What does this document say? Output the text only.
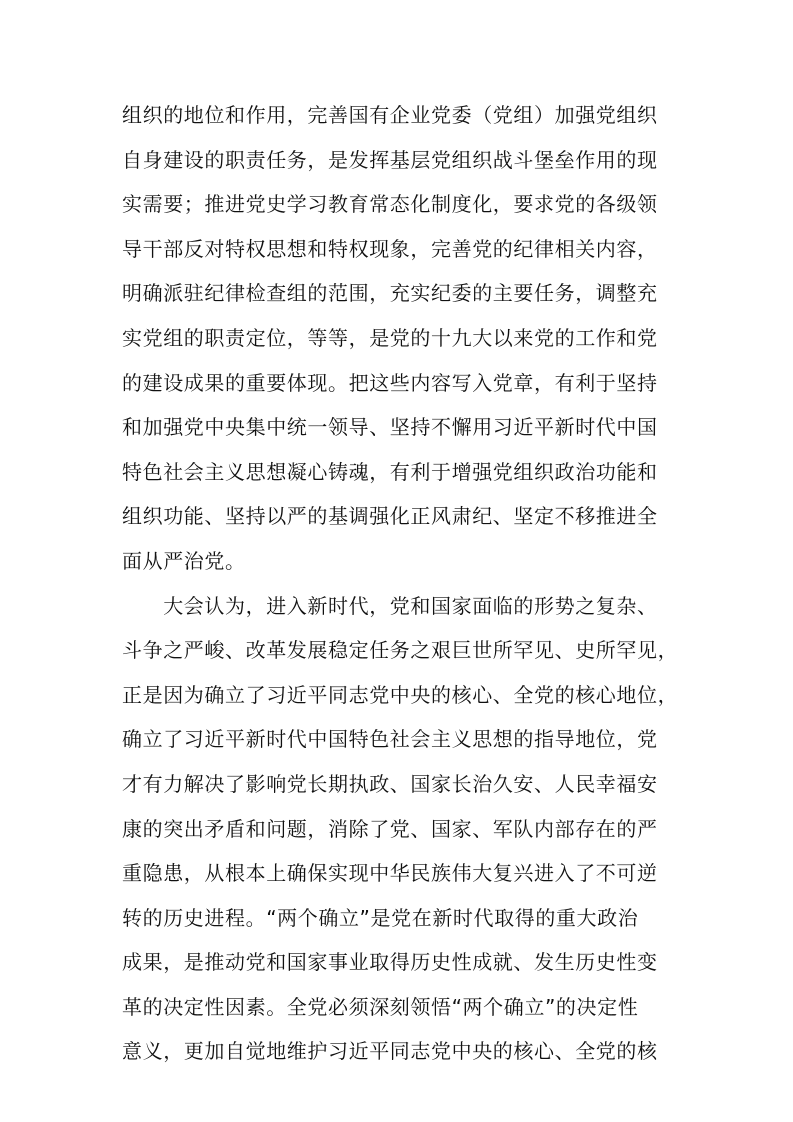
组织的地位和作用，完善国有企业党委（党组）加强党组织
自身建设的职责任务，是发挥基层党组织战斗堡垒作用的现
实需要；推进党史学习教育常态化制度化，要求党的各级领
导干部反对特权思想和特权现象，完善党的纪律相关内容，
明确派驻纪律检查组的范围，充实纪委的主要任务，调整充
实党组的职责定位，等等，是党的十九大以来党的工作和党
的建设成果的重要体现。把这些内容写入党章，有利于坚持
和加强党中央集中统一领导、坚持不懈用习近平新时代中国
特色社会主义思想凝心铸魂，有利于增强党组织政治功能和
组织功能、坚持以严的基调强化正风肃纪、坚定不移推进全
面从严治党。
　　大会认为，进入新时代，党和国家面临的形势之复杂、
斗争之严峻、改革发展稳定任务之艰巨世所罕见、史所罕见，
正是因为确立了习近平同志党中央的核心、全党的核心地位，
确立了习近平新时代中国特色社会主义思想的指导地位，党
才有力解决了影响党长期执政、国家长治久安、人民幸福安
康的突出矛盾和问题，消除了党、国家、军队内部存在的严
重隐患，从根本上确保实现中华民族伟大复兴进入了不可逆
转的历史进程。“两个确立”是党在新时代取得的重大政治
成果，是推动党和国家事业取得历史性成就、发生历史性变
革的决定性因素。全党必须深刻领悟“两个确立”的决定性
意义，更加自觉地维护习近平同志党中央的核心、全党的核
